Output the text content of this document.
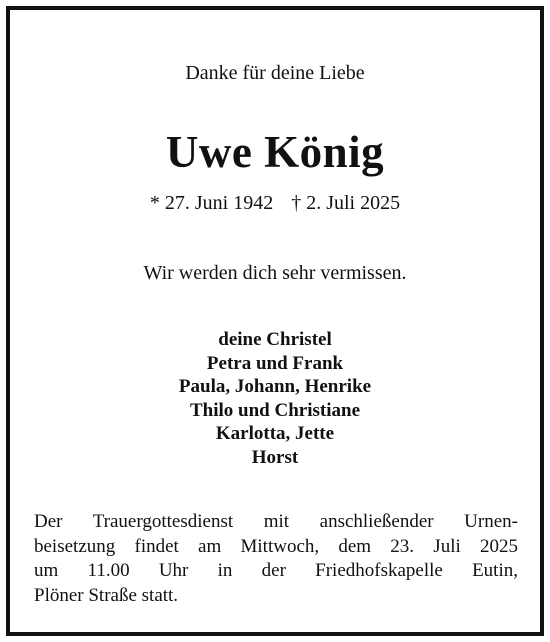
Danke für deine Liebe
Uwe König
* 27. Juni 1942 † 2. Juli 2025
Wir werden dich sehr vermissen.
deine Christel
Petra und Frank
Paula, Johann, Henrike
Thilo und Christiane
Karlotta, Jette
Horst
Der Trauergottesdienst mit anschließender Urnen-
beisetzung findet am Mittwoch, dem 23. Juli 2025
um 11.00 Uhr in der Friedhofskapelle Eutin,
Plöner Straße statt.
